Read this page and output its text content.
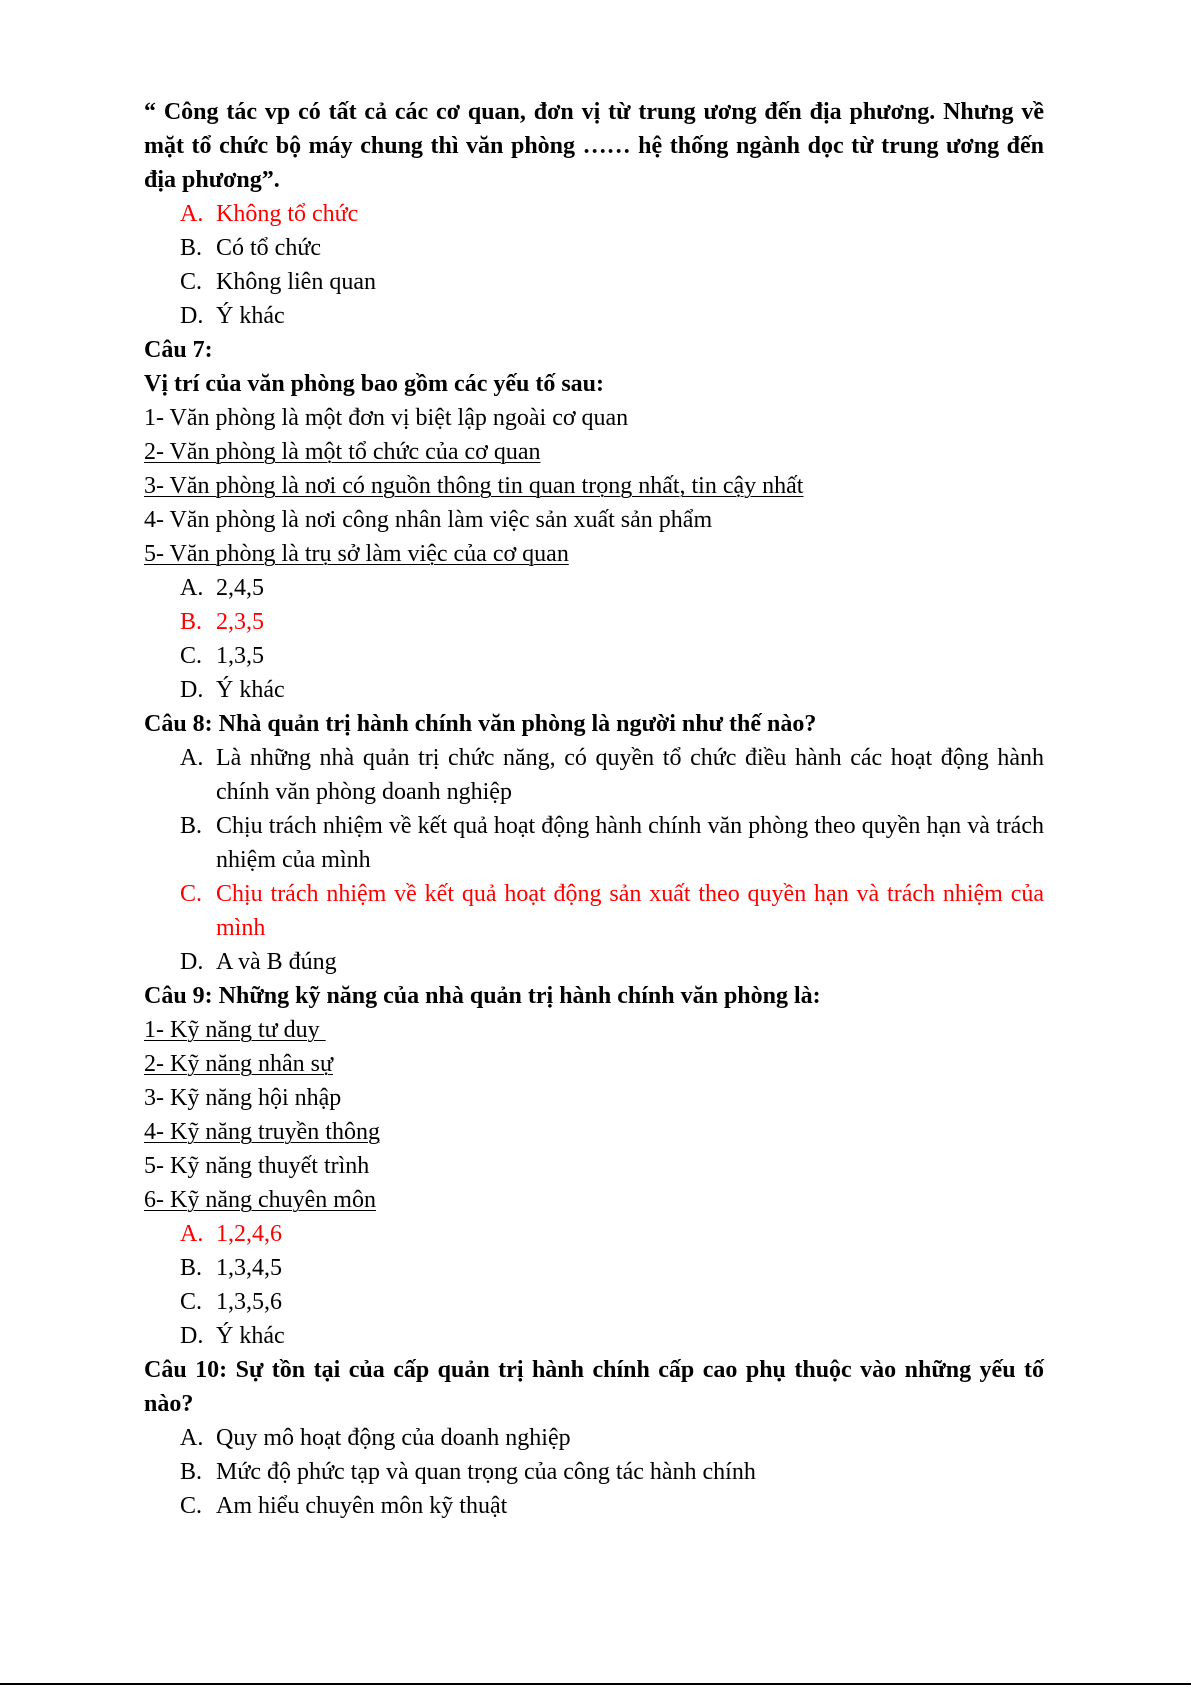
“ Công tác vp có tất cả các cơ quan, đơn vị từ trung ương đến địa phương. Nhưng về mặt tổ chức bộ máy chung thì văn phòng …… hệ thống ngành dọc từ trung ương đến địa phương”.

A. Không tổ chức
B. Có tổ chức
C. Không liên quan
D. Ý khác

Câu 7:

Vị trí của văn phòng bao gồm các yếu tố sau:

1- Văn phòng là một đơn vị biệt lập ngoài cơ quan

2- Văn phòng là một tổ chức của cơ quan

3- Văn phòng là nơi có nguồn thông tin quan trọng nhất, tin cậy nhất

4- Văn phòng là nơi công nhân làm việc sản xuất sản phẩm

5- Văn phòng là trụ sở làm việc của cơ quan

A. 2,4,5
B. 2,3,5
C. 1,3,5
D. Ý khác

Câu 8: Nhà quản trị hành chính văn phòng là người như thế nào?

A. Là những nhà quản trị chức năng, có quyền tổ chức điều hành các hoạt động hành chính văn phòng doanh nghiệp
B. Chịu trách nhiệm về kết quả hoạt động hành chính văn phòng theo quyền hạn và trách nhiệm của mình
C. Chịu trách nhiệm về kết quả hoạt động sản xuất theo quyền hạn và trách nhiệm của mình
D. A và B đúng

Câu 9: Những kỹ năng của nhà quản trị hành chính văn phòng là:

1- Kỹ năng tư duy

2- Kỹ năng nhân sự

3- Kỹ năng hội nhập

4- Kỹ năng truyền thông

5- Kỹ năng thuyết trình

6- Kỹ năng chuyên môn

A. 1,2,4,6
B. 1,3,4,5
C. 1,3,5,6
D. Ý khác

Câu 10: Sự tồn tại của cấp quản trị hành chính cấp cao phụ thuộc vào những yếu tố nào?

A. Quy mô hoạt động của doanh nghiệp
B. Mức độ phức tạp và quan trọng của công tác hành chính
C. Am hiểu chuyên môn kỹ thuật
